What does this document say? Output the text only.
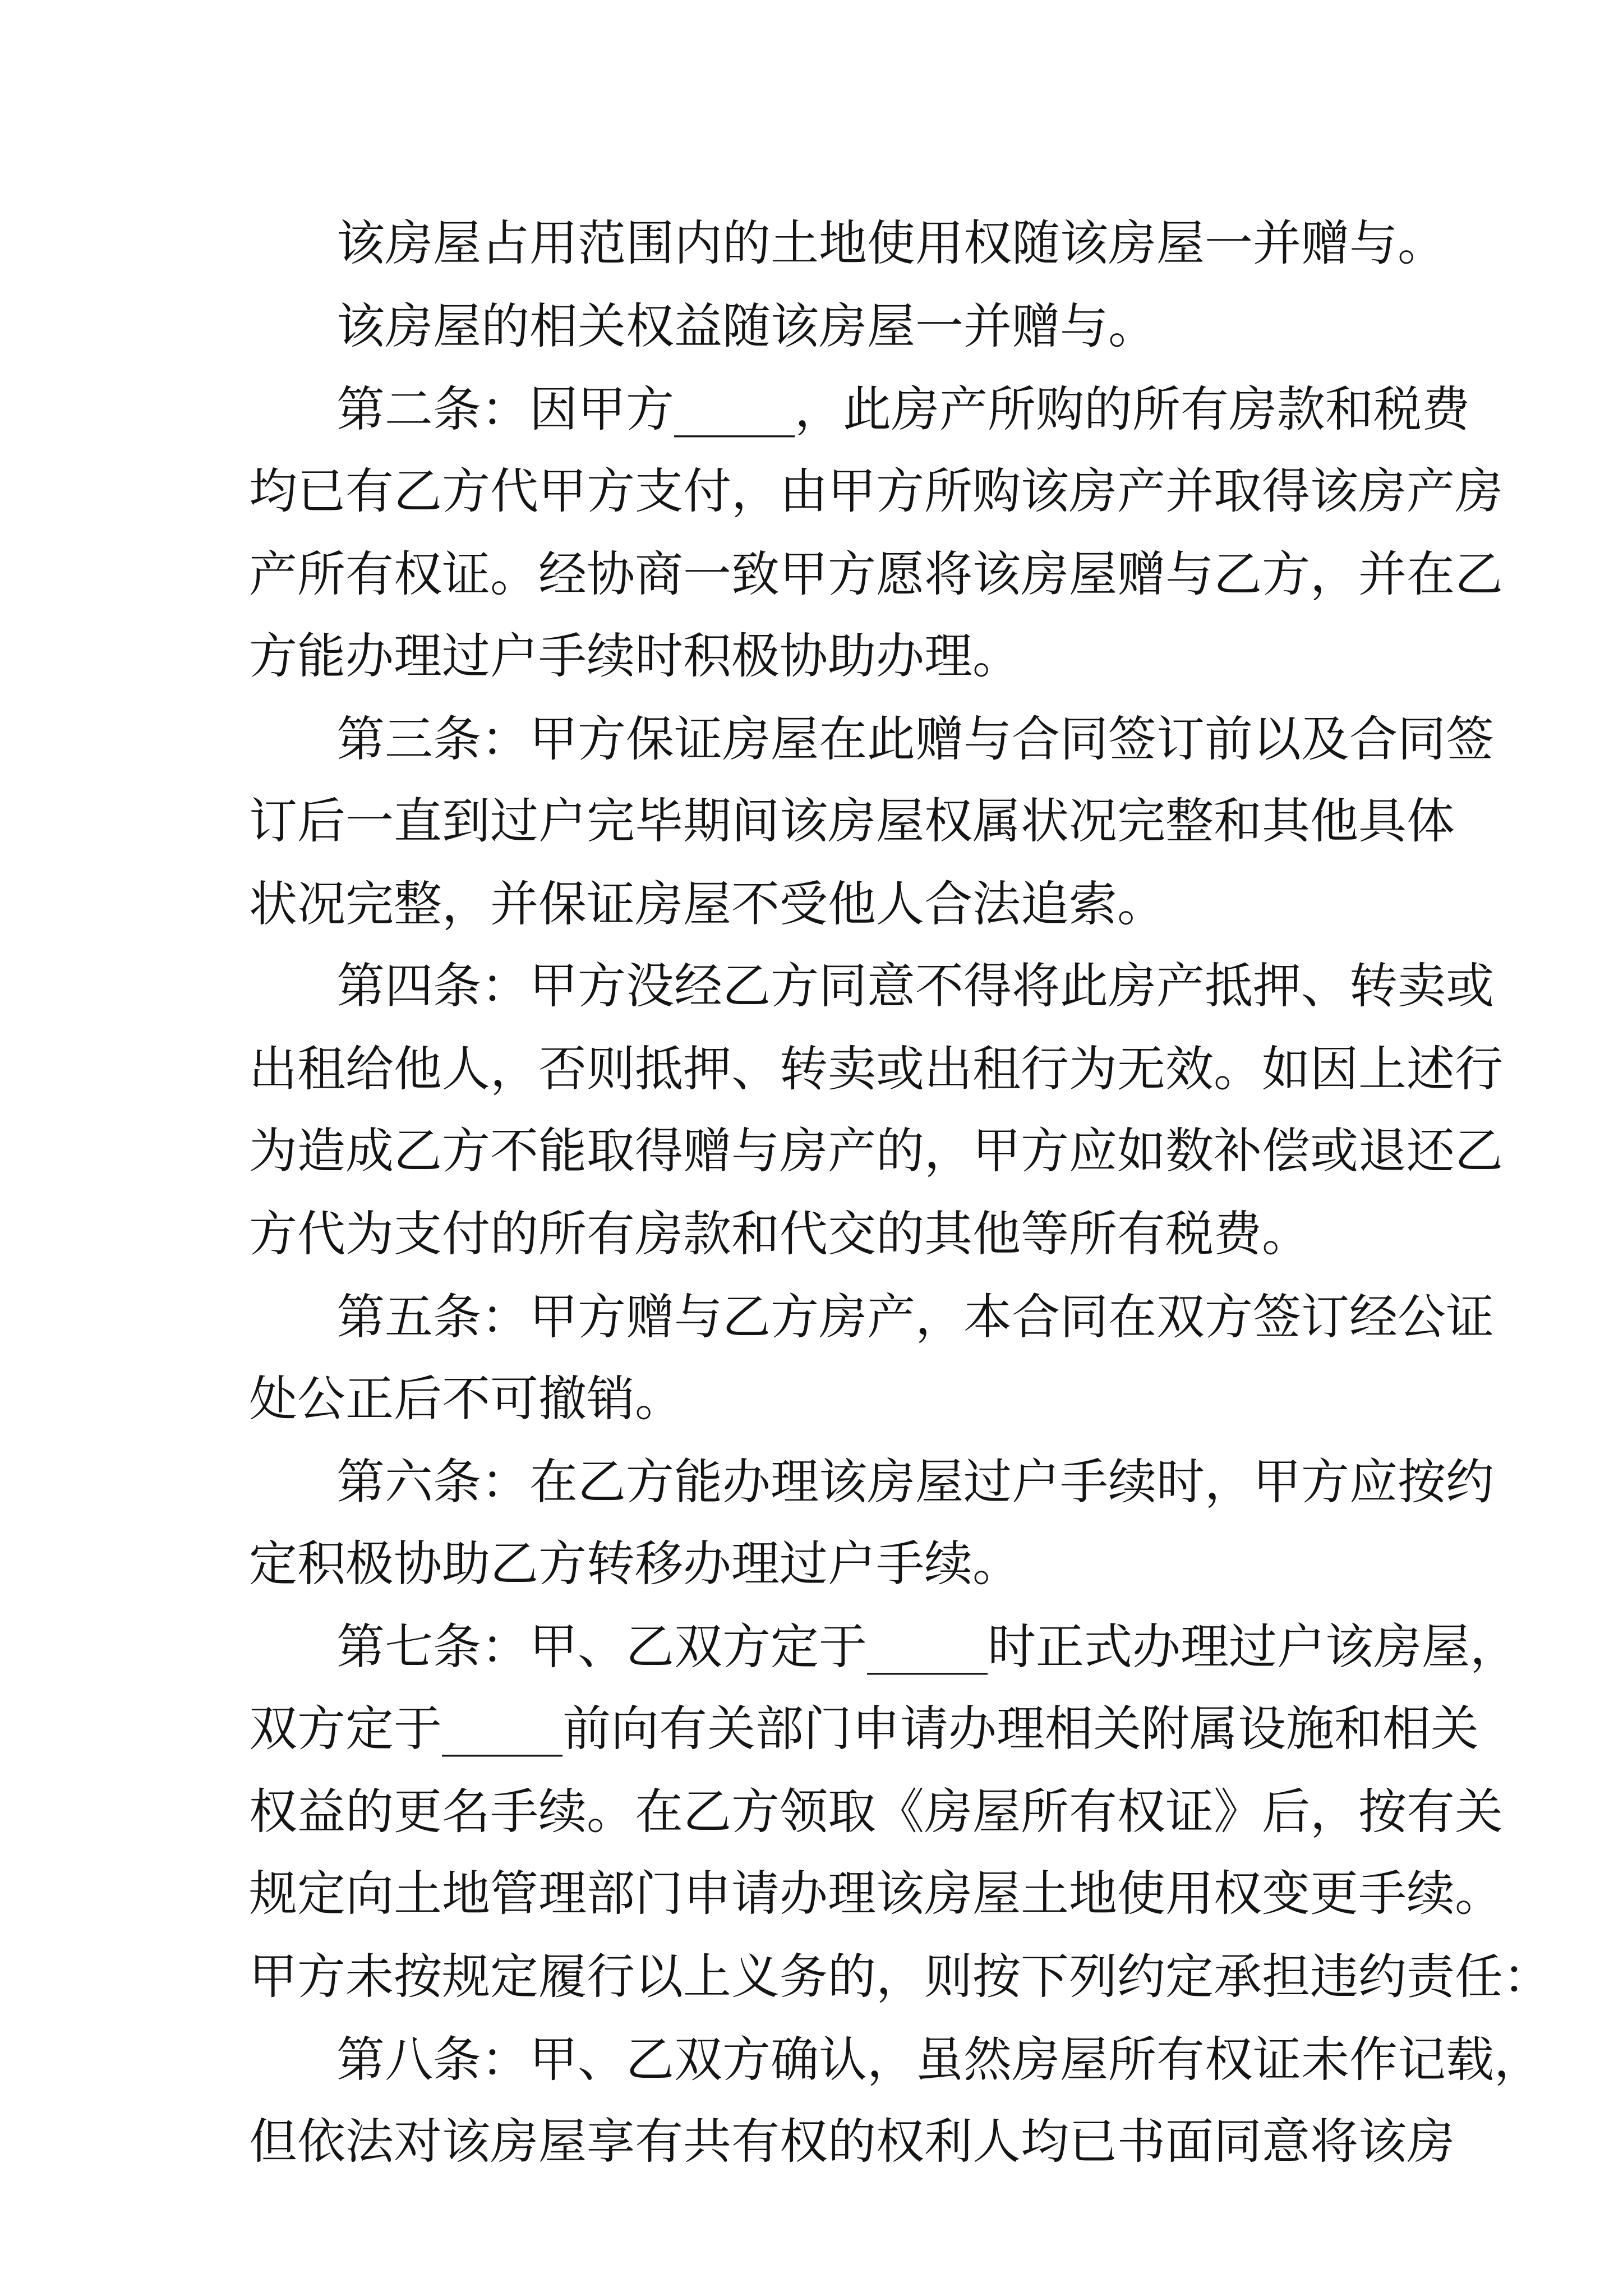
该房屋占用范围内的土地使用权随该房屋一并赠与。

该房屋的相关权益随该房屋一并赠与。

第二条：因甲方_____，此房产所购的所有房款和税费

均已有乙方代甲方支付，由甲方所购该房产并取得该房产房

产所有权证。经协商一致甲方愿将该房屋赠与乙方，并在乙

方能办理过户手续时积极协助办理。

第三条：甲方保证房屋在此赠与合同签订前以及合同签

订后一直到过户完毕期间该房屋权属状况完整和其他具体

状况完整，并保证房屋不受他人合法追索。

第四条：甲方没经乙方同意不得将此房产抵押、转卖或

出租给他人，否则抵押、转卖或出租行为无效。如因上述行

为造成乙方不能取得赠与房产的，甲方应如数补偿或退还乙

方代为支付的所有房款和代交的其他等所有税费。

第五条：甲方赠与乙方房产，本合同在双方签订经公证

处公正后不可撤销。

第六条：在乙方能办理该房屋过户手续时，甲方应按约

定积极协助乙方转移办理过户手续。

第七条：甲、乙双方定于_____时正式办理过户该房屋，

双方定于_____前向有关部门申请办理相关附属设施和相关

权益的更名手续。在乙方领取《房屋所有权证》后，按有关

规定向土地管理部门申请办理该房屋土地使用权变更手续。

甲方未按规定履行以上义务的，则按下列约定承担违约责任：

第八条：甲、乙双方确认，虽然房屋所有权证未作记载，

但依法对该房屋享有共有权的权利人均已书面同意将该房
